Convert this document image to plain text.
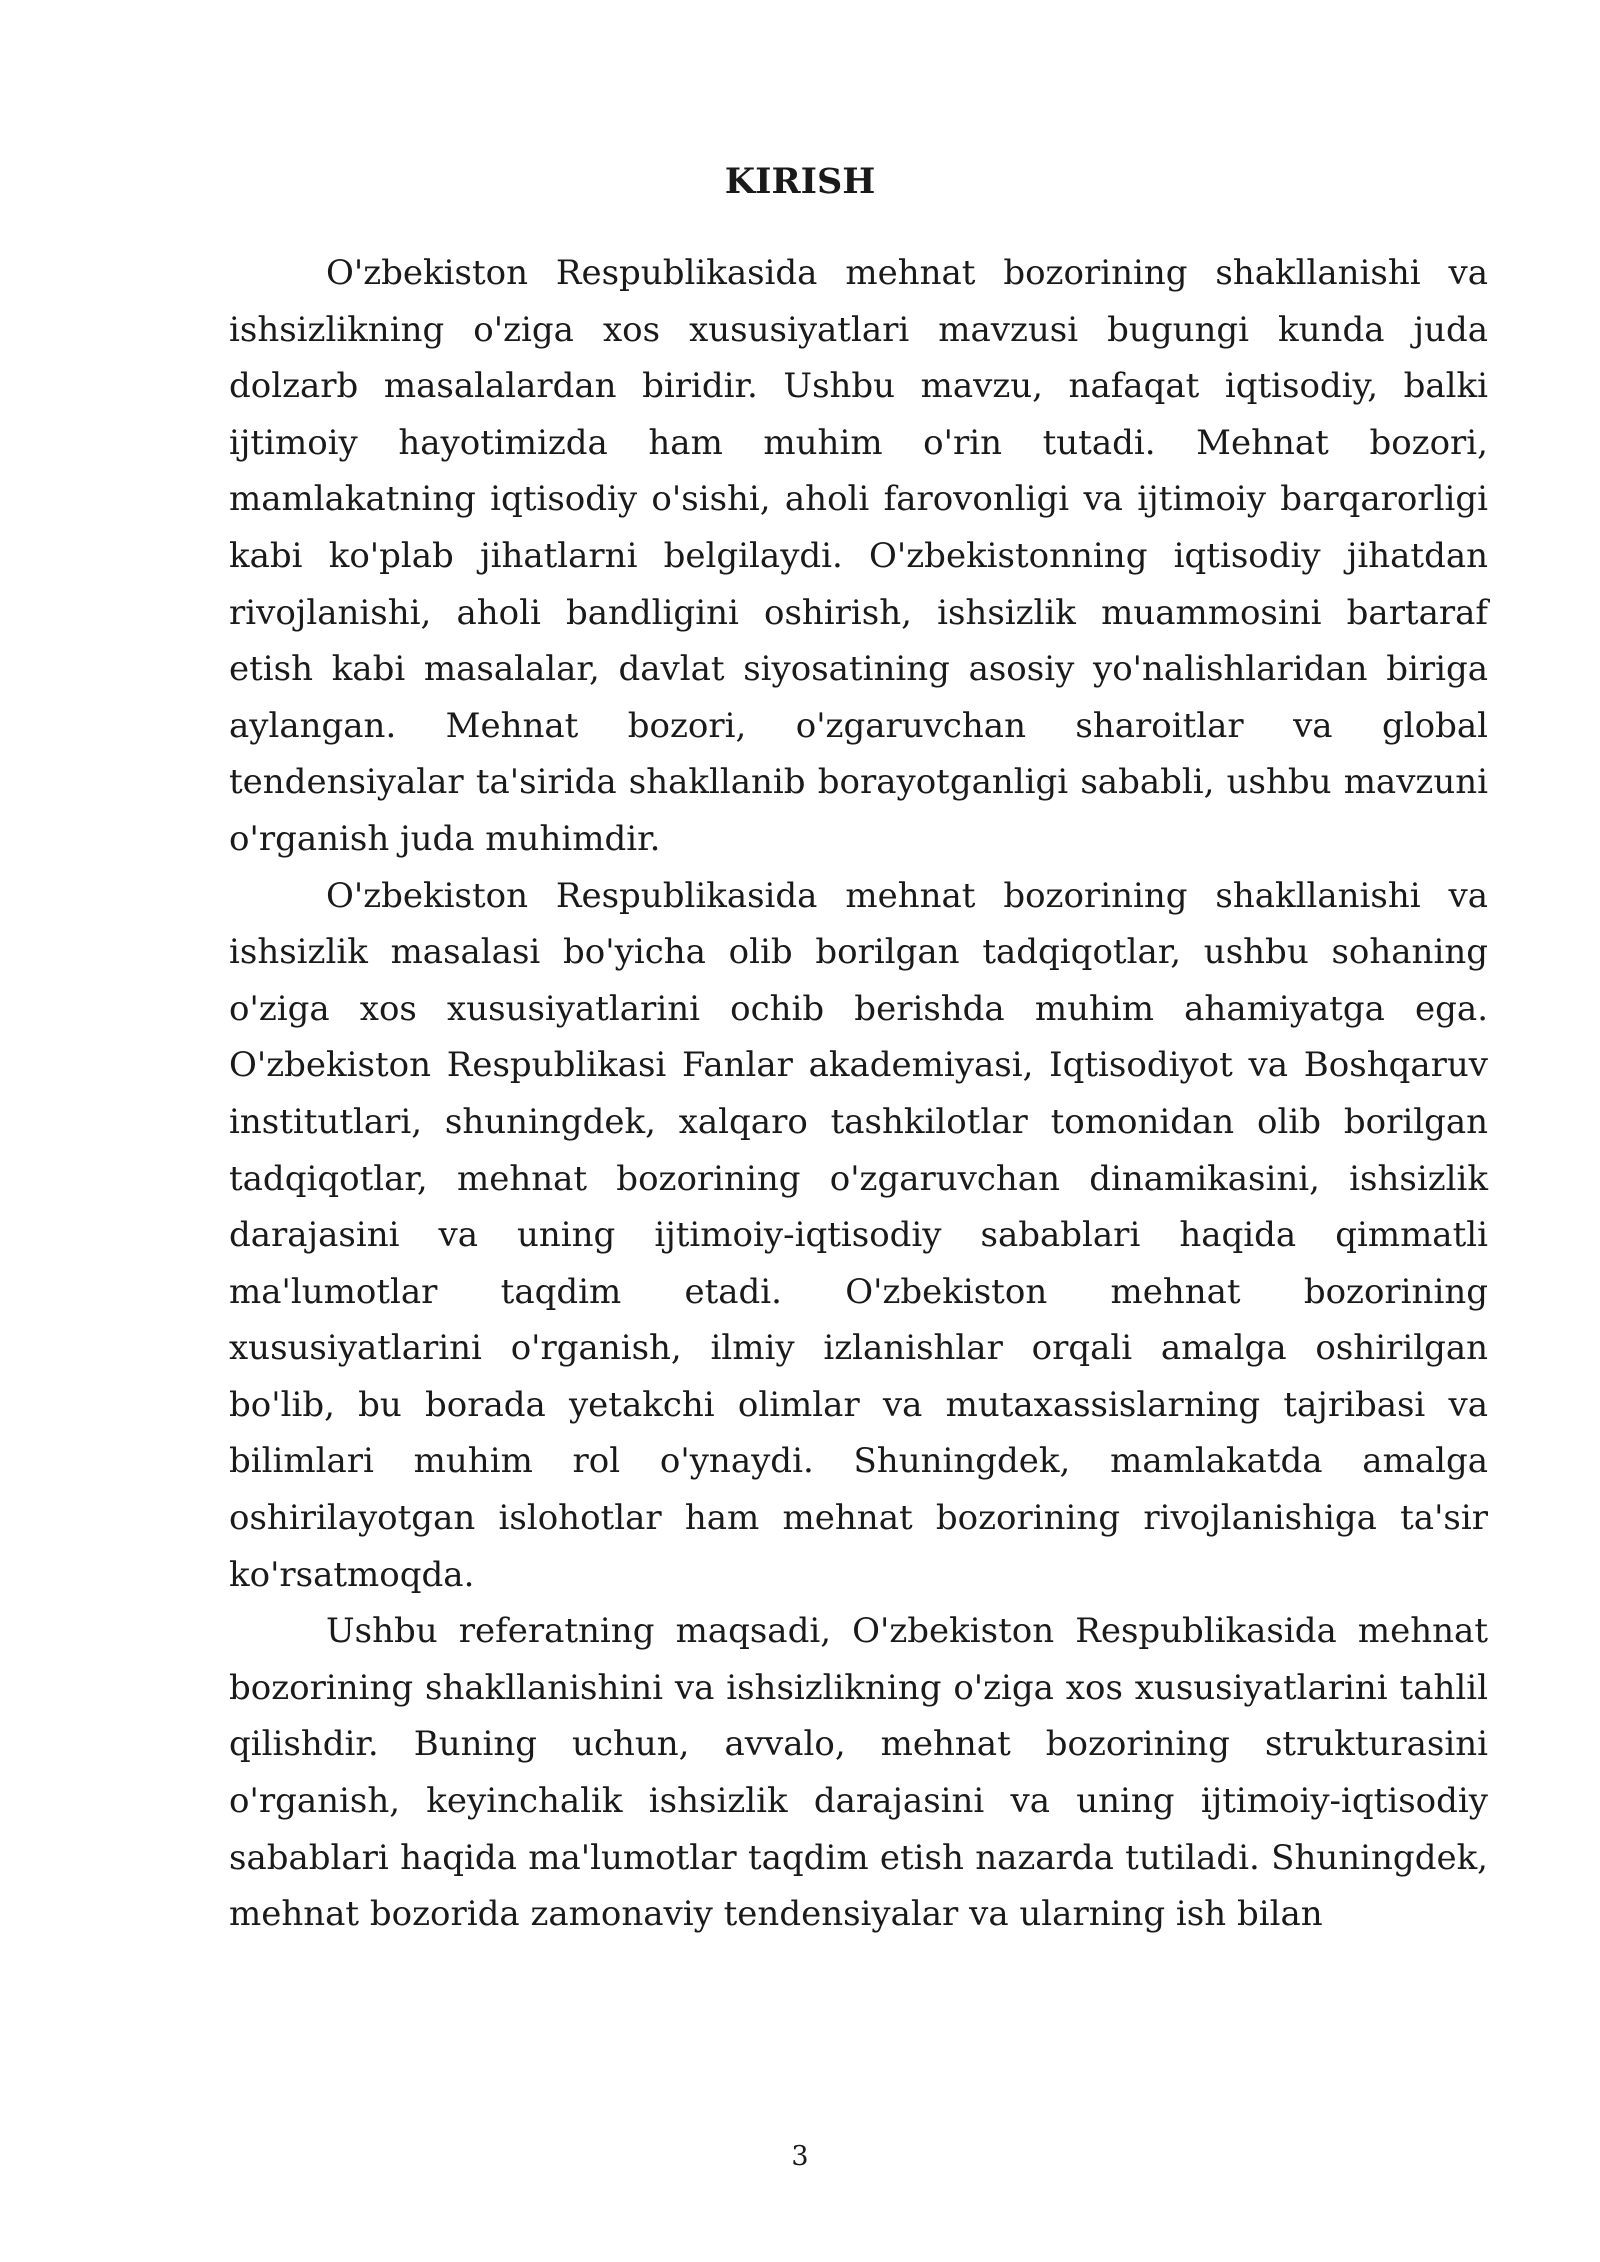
KIRISH

O'zbekiston Respublikasida mehnat bozorining shakllanishi va ishsizlikning o'ziga xos xususiyatlari mavzusi bugungi kunda juda dolzarb masalalardan biridir. Ushbu mavzu, nafaqat iqtisodiy, balki ijtimoiy hayotimizda ham muhim o'rin tutadi. Mehnat bozori, mamlakatning iqtisodiy o'sishi, aholi farovonligi va ijtimoiy barqarorligi kabi ko'plab jihatlarni belgilaydi. O'zbekistonning iqtisodiy jihatdan rivojlanishi, aholi bandligini oshirish, ishsizlik muammosini bartaraf etish kabi masalalar, davlat siyosatining asosiy yo'nalishlaridan biriga aylangan. Mehnat bozori, o'zgaruvchan sharoitlar va global tendensiyalar ta'sirida shakllanib borayotganligi sababli, ushbu mavzuni o'rganish juda muhimdir.

O'zbekiston Respublikasida mehnat bozorining shakllanishi va ishsizlik masalasi bo'yicha olib borilgan tadqiqotlar, ushbu sohaning o'ziga xos xususiyatlarini ochib berishda muhim ahamiyatga ega. O'zbekiston Respublikasi Fanlar akademiyasi, Iqtisodiyot va Boshqaruv institutlari, shuningdek, xalqaro tashkilotlar tomonidan olib borilgan tadqiqotlar, mehnat bozorining o'zgaruvchan dinamikasini, ishsizlik darajasini va uning ijtimoiy-iqtisodiy sabablari haqida qimmatli ma'lumotlar taqdim etadi. O'zbekiston mehnat bozorining xususiyatlarini o'rganish, ilmiy izlanishlar orqali amalga oshirilgan bo'lib, bu borada yetakchi olimlar va mutaxassislarning tajribasi va bilimlari muhim rol o'ynaydi. Shuningdek, mamlakatda amalga oshirilayotgan islohotlar ham mehnat bozorining rivojlanishiga ta'sir ko'rsatmoqda.

Ushbu referatning maqsadi, O'zbekiston Respublikasida mehnat bozorining shakllanishini va ishsizlikning o'ziga xos xususiyatlarini tahlil qilishdir. Buning uchun, avvalo, mehnat bozorining strukturasini o'rganish, keyinchalik ishsizlik darajasini va uning ijtimoiy-iqtisodiy sabablari haqida ma'lumotlar taqdim etish nazarda tutiladi. Shuningdek, mehnat bozorida zamonaviy tendensiyalar va ularning ish bilan

3
